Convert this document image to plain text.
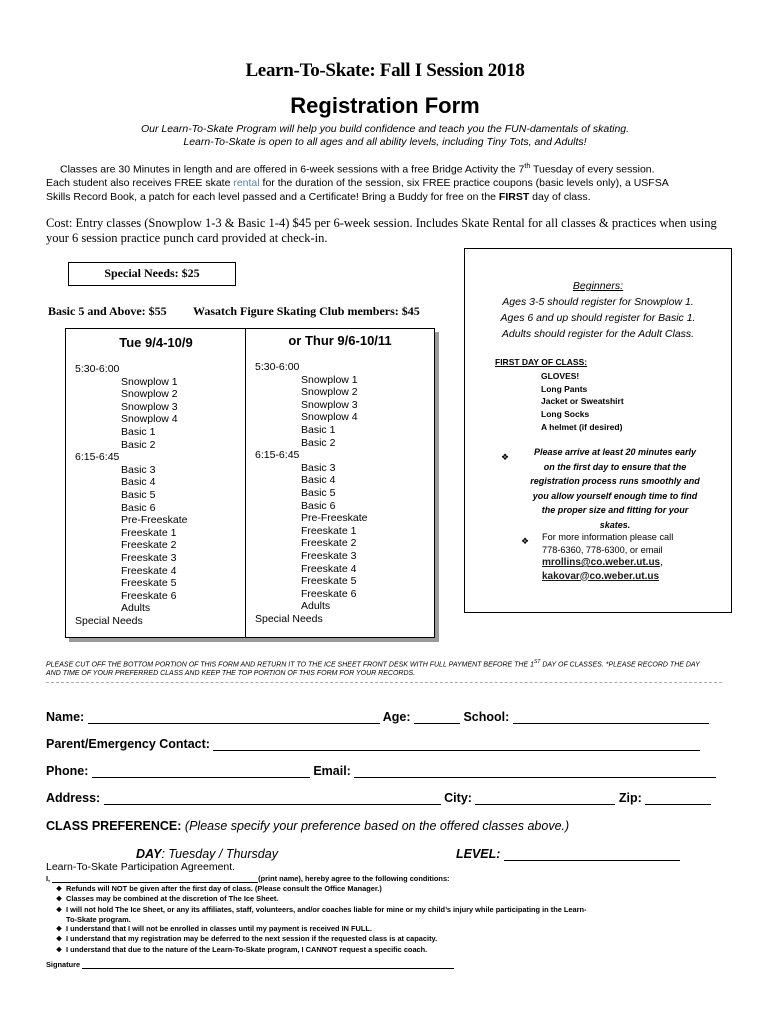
Learn-To-Skate: Fall I Session 2018
Registration Form
Our Learn-To-Skate Program will help you build confidence and teach you the FUN-damentals of skating.
Learn-To-Skate is open to all ages and all ability levels, including Tiny Tots, and Adults!
Classes are 30 Minutes in length and are offered in 6-week sessions with a free Bridge Activity the 7th Tuesday of every session.
Each student also receives FREE skate rental for the duration of the session, six FREE practice coupons (basic levels only), a USFSA
Skills Record Book, a patch for each level passed and a Certificate! Bring a Buddy for free on the FIRST day of class.
Cost: Entry classes (Snowplow 1-3 & Basic 1-4) $45 per 6-week session. Includes Skate Rental for all classes & practices when using
your 6 session practice punch card provided at check-in.
Special Needs: $25
Basic 5 and Above: $55 Wasatch Figure Skating Club members: $45
Tue 9/4-10/9
5:30-6:00
Snowplow 1
Snowplow 2
Snowplow 3
Snowplow 4
Basic 1
Basic 2
6:15-6:45
Basic 3
Basic 4
Basic 5
Basic 6
Pre-Freeskate
Freeskate 1
Freeskate 2
Freeskate 3
Freeskate 4
Freeskate 5
Freeskate 6
Adults
Special Needs
or Thur 9/6-10/11
5:30-6:00
Snowplow 1
Snowplow 2
Snowplow 3
Snowplow 4
Basic 1
Basic 2
6:15-6:45
Basic 3
Basic 4
Basic 5
Basic 6
Pre-Freeskate
Freeskate 1
Freeskate 2
Freeskate 3
Freeskate 4
Freeskate 5
Freeskate 6
Adults
Special Needs
Beginners:
Ages 3-5 should register for Snowplow 1.
Ages 6 and up should register for Basic 1.
Adults should register for the Adult Class.
FIRST DAY OF CLASS:
GLOVES!
Long Pants
Jacket or Sweatshirt
Long Socks
A helmet (if desired)
❖	Please arrive at least 20 minutes early
on the first day to ensure that the
registration process runs smoothly and
you allow yourself enough time to find
the proper size and fitting for your
skates.
❖ For more information please call
778-6360, 778-6300, or email
mrollins@co.weber.ut.us,
kakovar@co.weber.ut.us
PLEASE CUT OFF THE BOTTOM PORTION OF THIS FORM AND RETURN IT TO THE ICE SHEET FRONT DESK WITH FULL PAYMENT BEFORE THE 1ST DAY OF CLASSES. *PLEASE RECORD THE DAY
AND TIME OF YOUR PREFERRED CLASS AND KEEP THE TOP PORTION OF THIS FORM FOR YOUR RECORDS.
Name:	Age:	School:
Parent/Emergency Contact:
Phone:	Email:
Address:	City:	Zip:
CLASS PREFERENCE: (Please specify your preference based on the offered classes above.)
DAY: Tuesday / Thursday	LEVEL:
Learn-To-Skate Participation Agreement.
I,	(print name), hereby agree to the following conditions:
❖ Refunds will NOT be given after the first day of class. (Please consult the Office Manager.)
❖ Classes may be combined at the discretion of The Ice Sheet.
❖ I will not hold The Ice Sheet, or any its affiliates, staff, volunteers, and/or coaches liable for mine or my child’s injury while participating in the Learn-
To-Skate program.
❖ I understand that I will not be enrolled in classes until my payment is received IN FULL.
❖ I understand that my registration may be deferred to the next session if the requested class is at capacity.
❖ I understand that due to the nature of the Learn-To-Skate program, I CANNOT request a specific coach.
Signature
